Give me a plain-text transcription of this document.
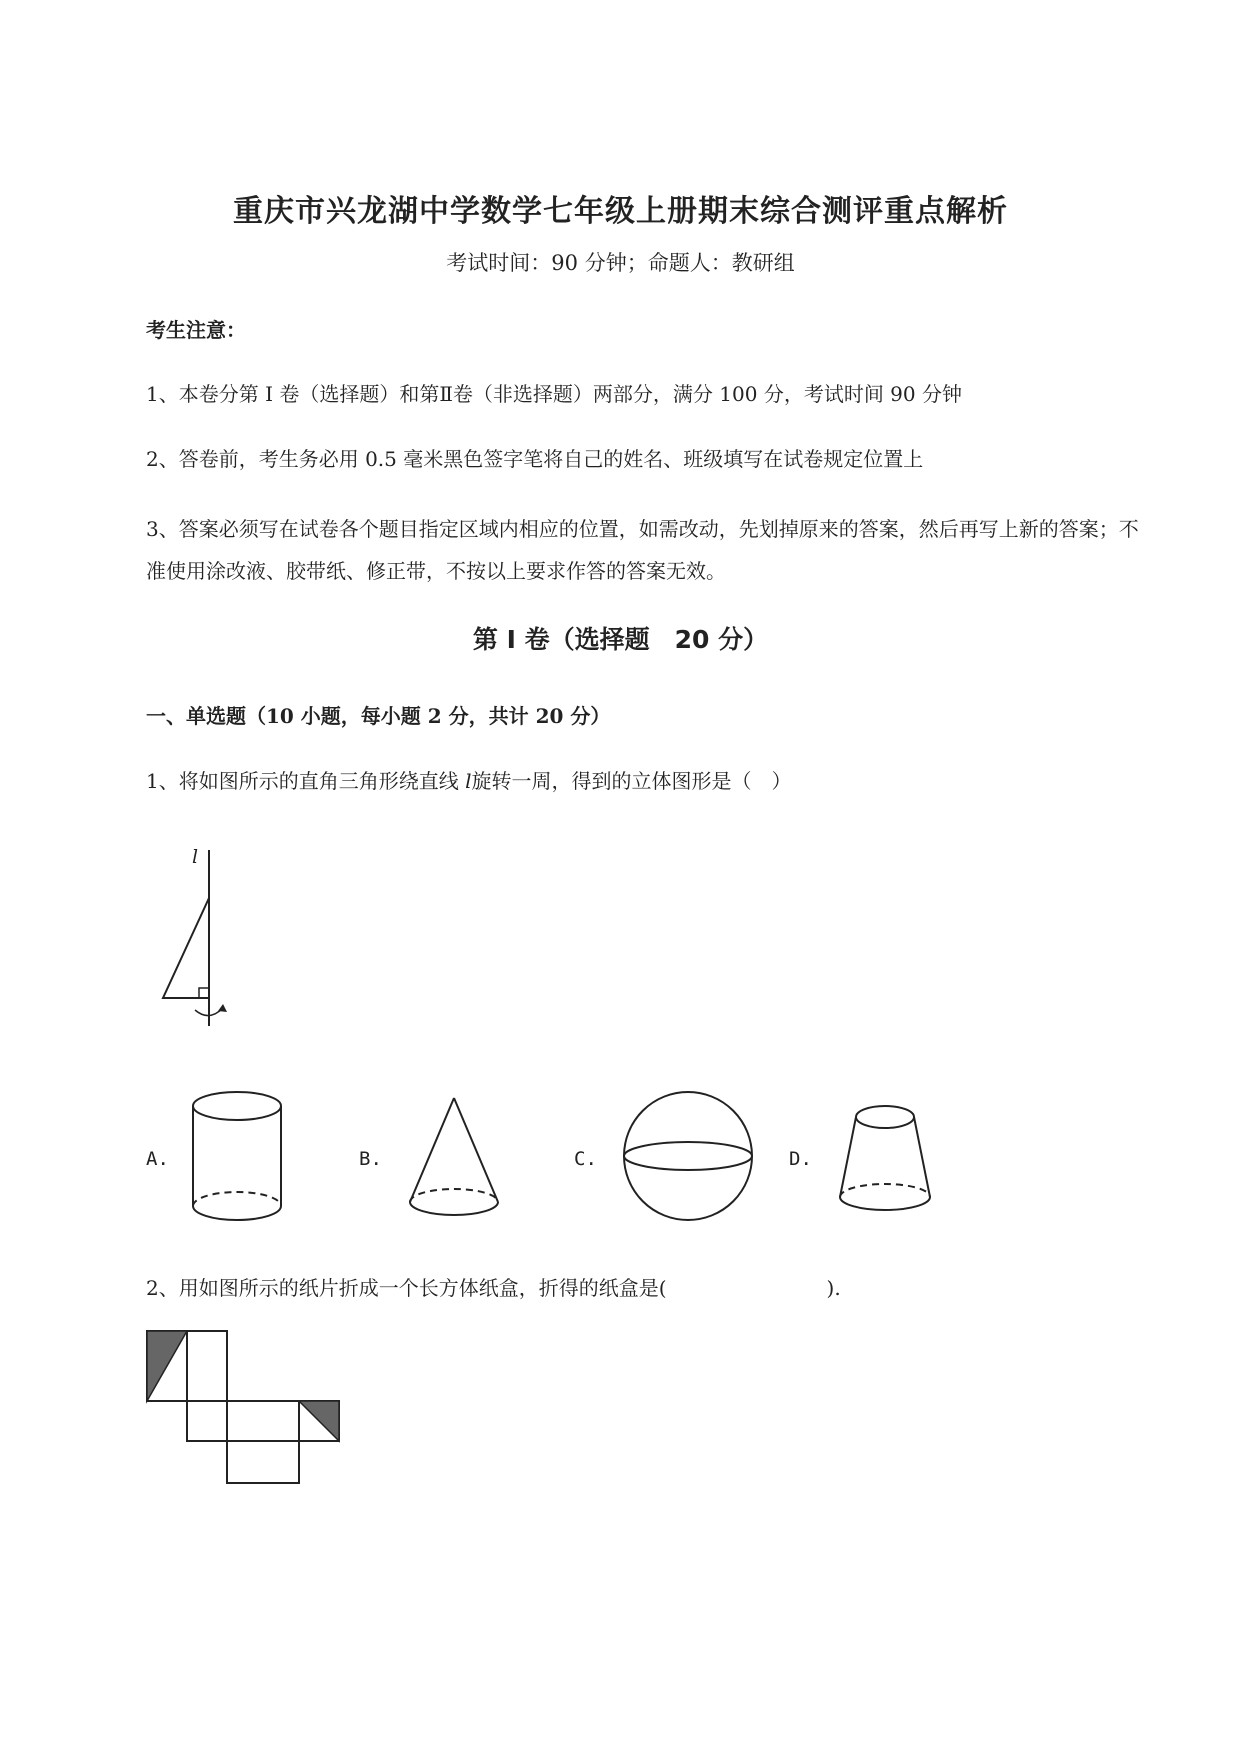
重庆市兴龙湖中学数学七年级上册期末综合测评重点解析
考试时间：90 分钟；命题人：教研组
考生注意：
1、本卷分第 I 卷（选择题）和第Ⅱ卷（非选择题）两部分，满分 100 分，考试时间 90 分钟
2、答卷前，考生务必用 0.5 毫米黑色签字笔将自己的姓名、班级填写在试卷规定位置上
3、答案必须写在试卷各个题目指定区域内相应的位置，如需改动，先划掉原来的答案，然后再写上新的答案；不准使用涂改液、胶带纸、修正带，不按以上要求作答的答案无效。
第 I 卷（选择题　20 分）
一、单选题（10 小题，每小题 2 分，共计 20 分）
1、将如图所示的直角三角形绕直线 l旋转一周，得到的立体图形是（　）
l
A.	B.	C.	D.
2、用如图所示的纸片折成一个长方体纸盒，折得的纸盒是(　　　　　　　　).
